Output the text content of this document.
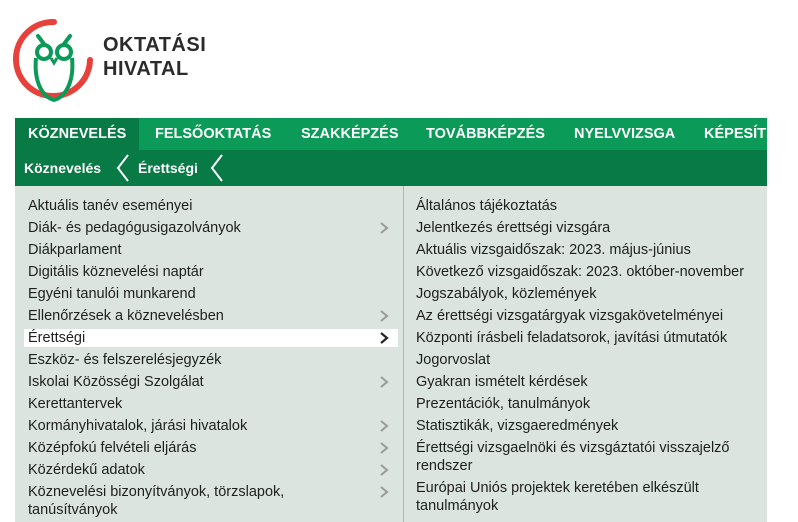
OKTATÁSI
HIVATAL
KÖZNEVELÉS	FELSŐOKTATÁS	SZAKKÉPZÉS	TOVÁBBKÉPZÉS	NYELVVIZSGA	KÉPESÍTÉS
Köznevelés	Érettségi
Aktuális tanév eseményei
Diák- és pedagógusigazolványok
Diákparlament
Digitális köznevelési naptár
Egyéni tanulói munkarend
Ellenőrzések a köznevelésben
Érettségi
Eszköz- és felszerelésjegyzék
Iskolai Közösségi Szolgálat
Kerettantervek
Kormányhivatalok, járási hivatalok
Középfokú felvételi eljárás
Közérdekű adatok
Köznevelési bizonyítványok, törzslapok, tanúsítványok
Általános tájékoztatás
Jelentkezés érettségi vizsgára
Aktuális vizsgaidőszak: 2023. május-június
Következő vizsgaidőszak: 2023. október-november
Jogszabályok, közlemények
Az érettségi vizsgatárgyak vizsgakövetelményei
Központi írásbeli feladatsorok, javítási útmutatók
Jogorvoslat
Gyakran ismételt kérdések
Prezentációk, tanulmányok
Statisztikák, vizsgaeredmények
Érettségi vizsgaelnöki és vizsgáztatói visszajelző rendszer
Európai Uniós projektek keretében elkészült tanulmányok
